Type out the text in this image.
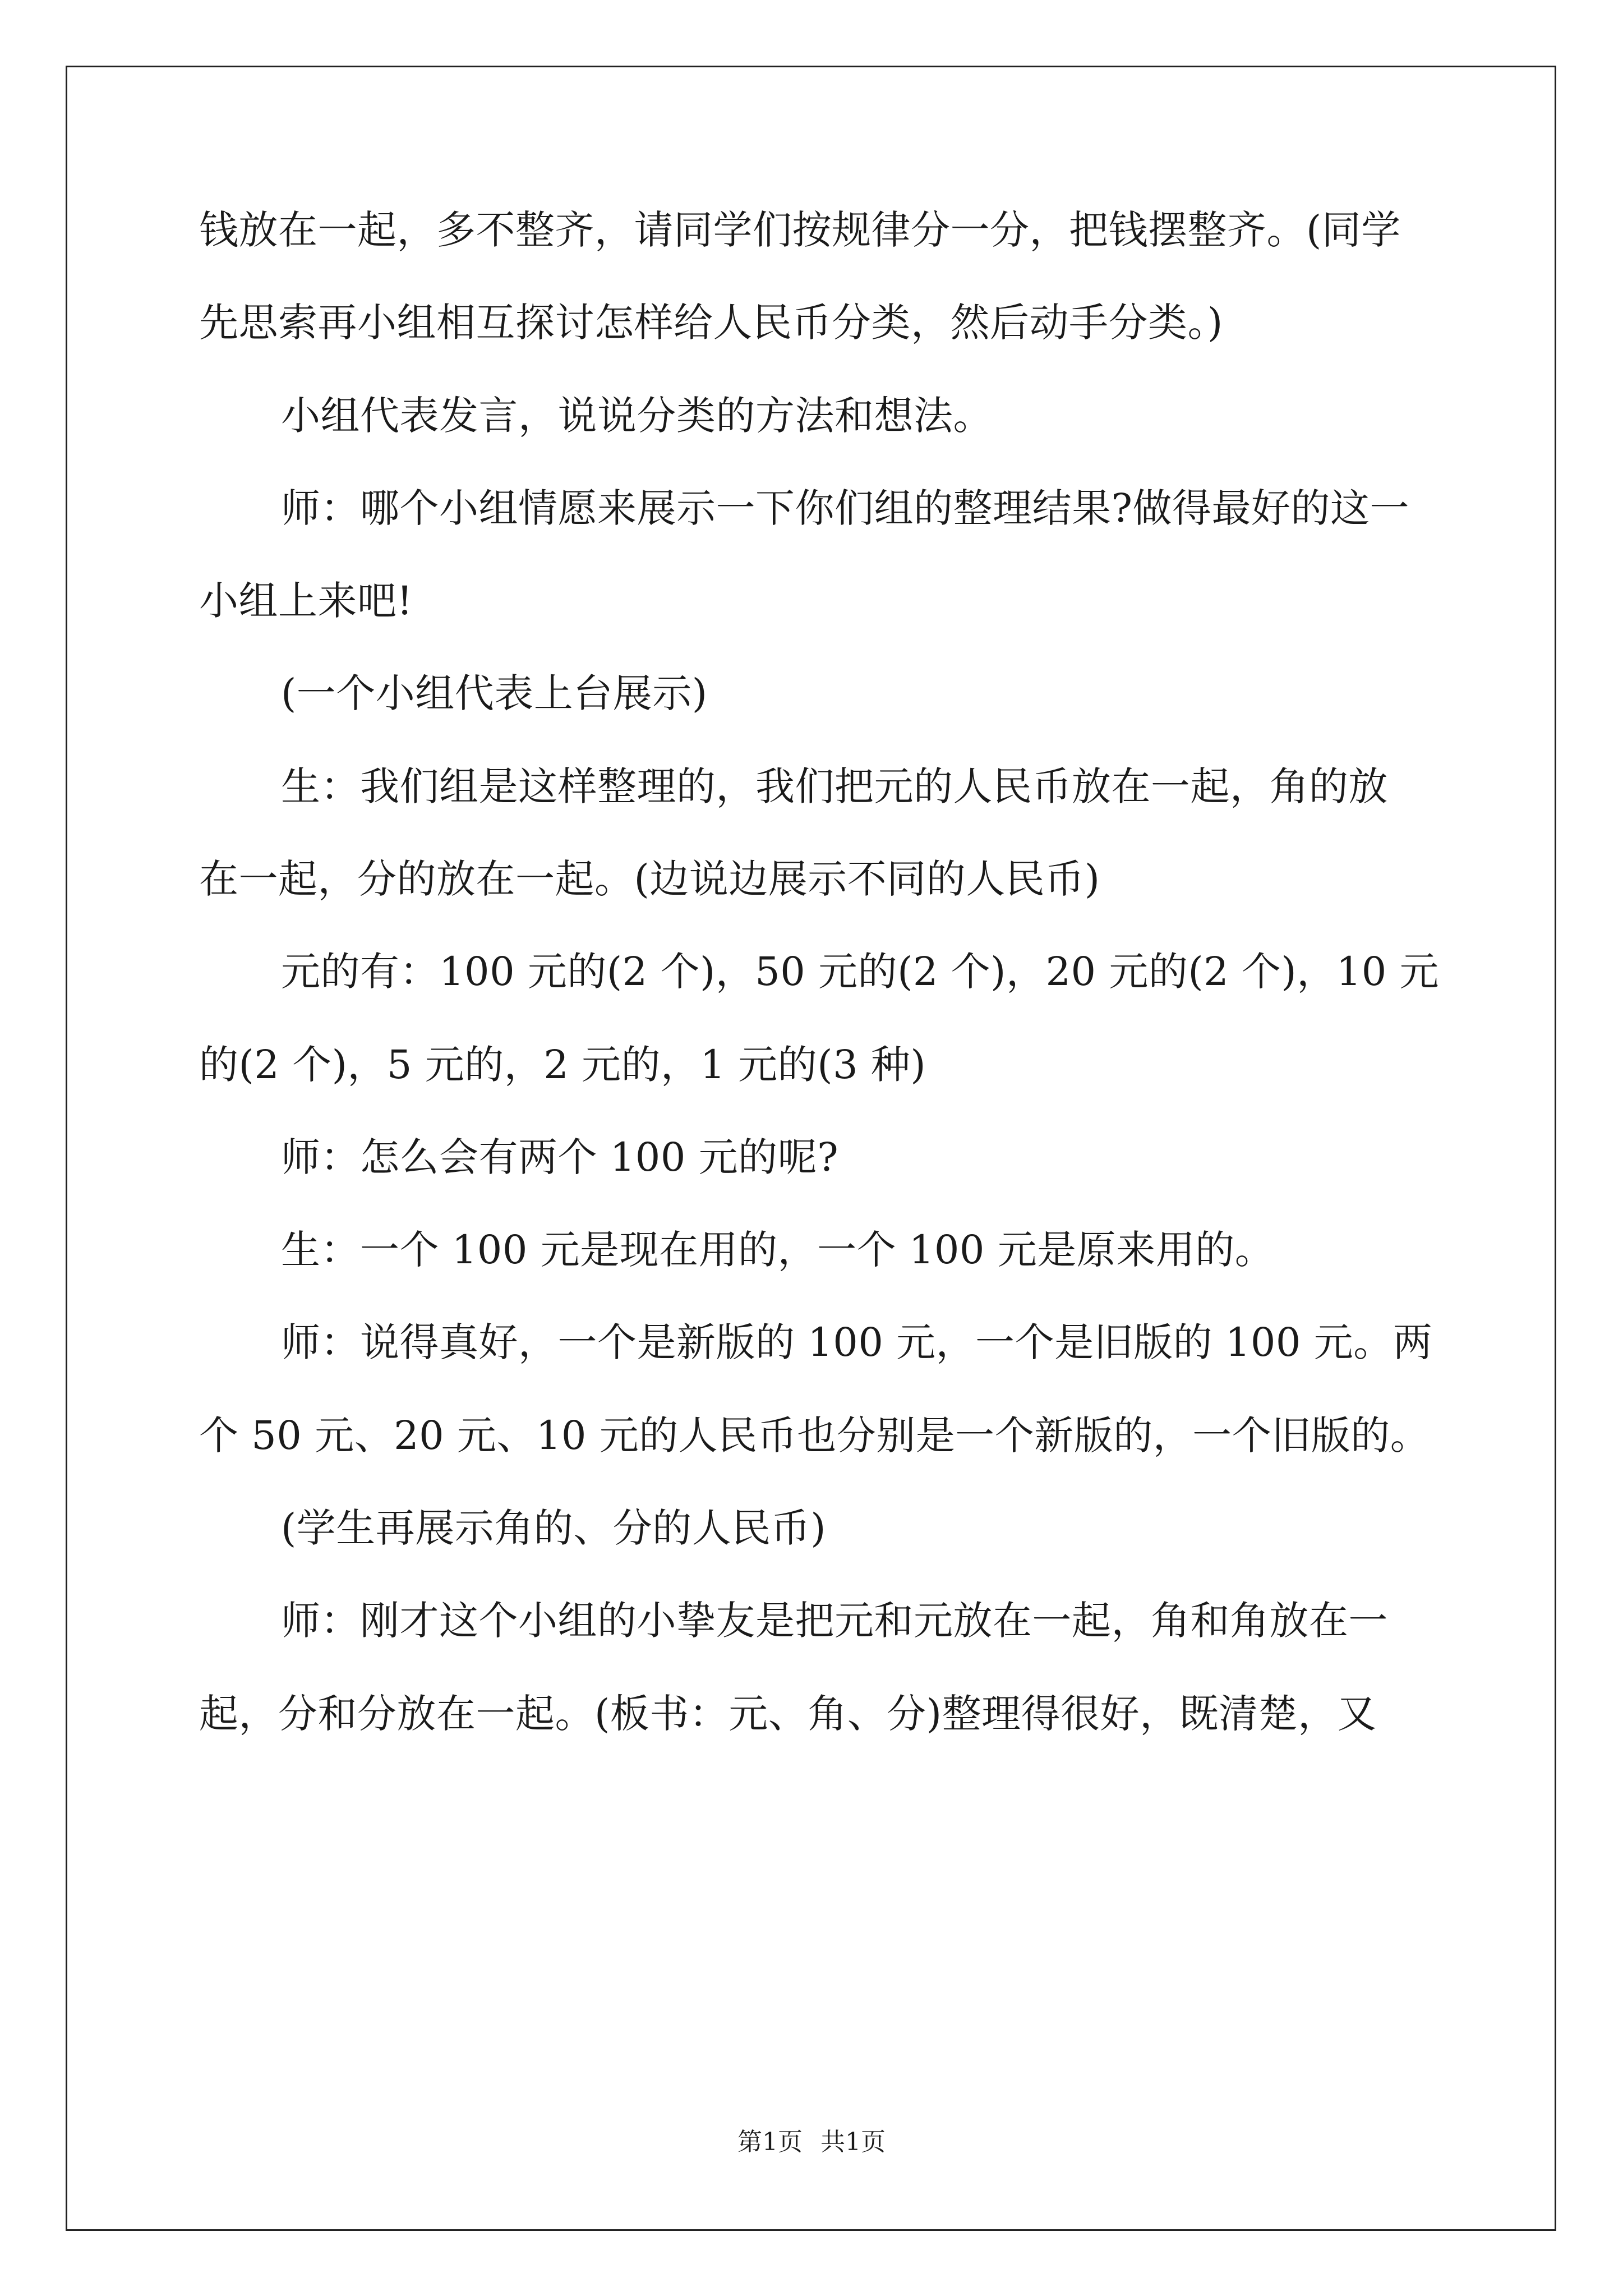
钱放在一起，多不整齐，请同学们按规律分一分，把钱摆整齐。(同学

先思索再小组相互探讨怎样给人民币分类，然后动手分类。)

小组代表发言，说说分类的方法和想法。

师：哪个小组情愿来展示一下你们组的整理结果?做得最好的这一

小组上来吧!

(一个小组代表上台展示)

生：我们组是这样整理的，我们把元的人民币放在一起，角的放

在一起，分的放在一起。(边说边展示不同的人民币)

元的有：100 元的(2 个)，50 元的(2 个)，20 元的(2 个)，10 元

的(2 个)，5 元的，2 元的，1 元的(3 种)

师：怎么会有两个 100 元的呢?

生：一个 100 元是现在用的，一个 100 元是原来用的。

师：说得真好，一个是新版的 100 元，一个是旧版的 100 元。两

个 50 元、20 元、10 元的人民币也分别是一个新版的，一个旧版的。

(学生再展示角的、分的人民币)

师：刚才这个小组的小挚友是把元和元放在一起，角和角放在一

起，分和分放在一起。(板书：元、角、分)整理得很好，既清楚，又

第1页 共1页
